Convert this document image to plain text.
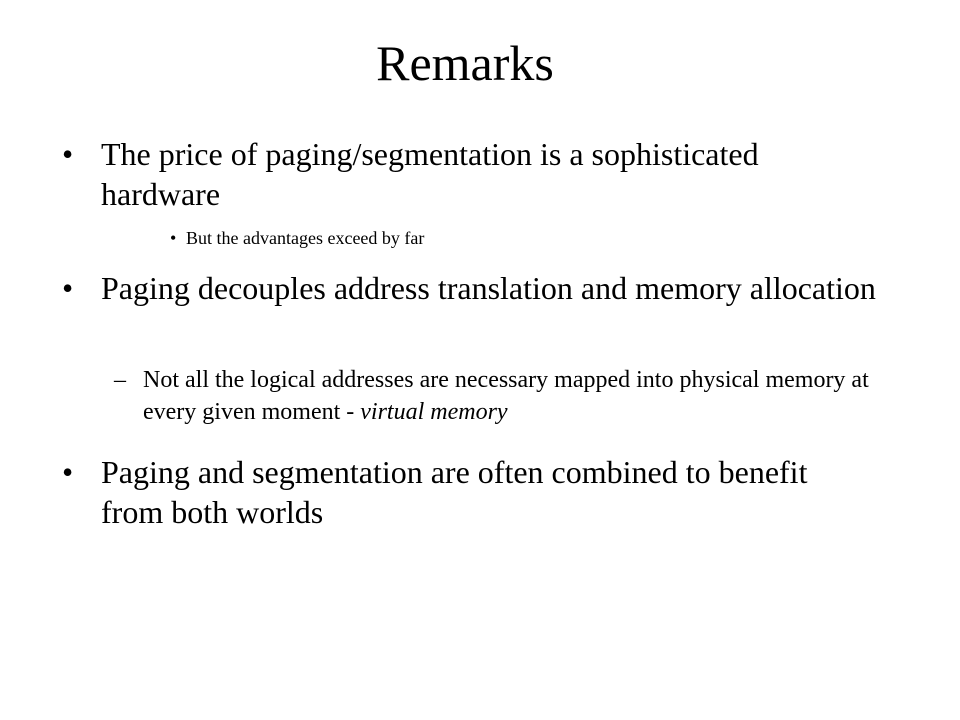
Remarks
• The price of paging/segmentation is a sophisticated hardware
• But the advantages exceed by far
• Paging decouples address translation and memory allocation
– Not all the logical addresses are necessary mapped into physical memory at every given moment - virtual memory
• Paging and segmentation are often combined to benefit from both worlds
